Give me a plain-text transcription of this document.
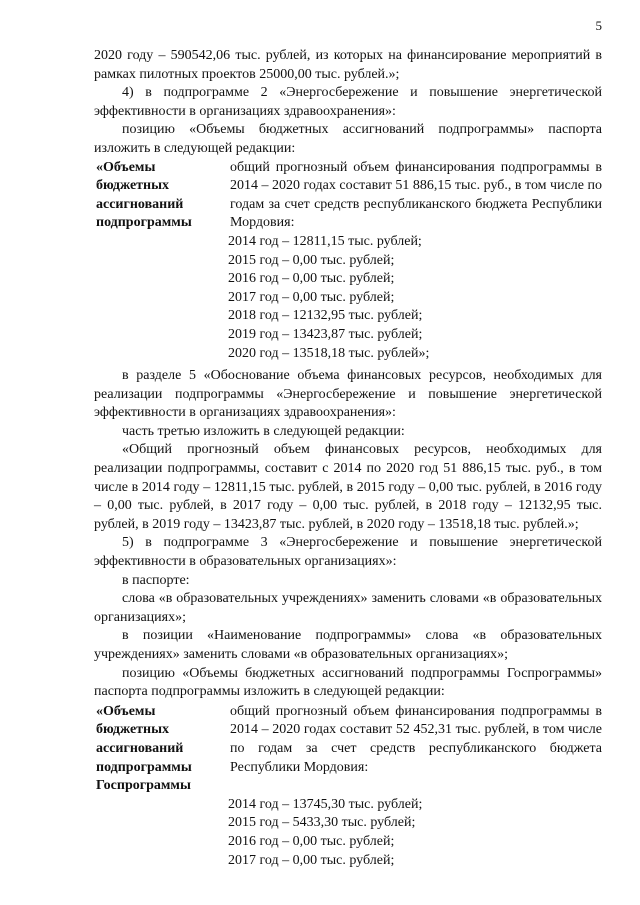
5

2020 году – 590542,06 тыс. рублей, из которых на финансирование мероприятий в рамках пилотных проектов 25000,00 тыс. рублей.»;

4) в подпрограмме 2 «Энергосбережение и повышение энергетической эффективности в организациях здравоохранения»:

позицию «Объемы бюджетных ассигнований подпрограммы» паспорта изложить в следующей редакции:

«Объемы бюджетных ассигнований подпрограммы
общий прогнозный объем финансирования подпрограммы в 2014 – 2020 годах составит 51 886,15 тыс. руб., в том числе по годам за счет средств республиканского бюджета Республики Мордовия:

2014 год – 12811,15 тыс. рублей;

2015 год – 0,00 тыс. рублей;

2016 год – 0,00 тыс. рублей;

2017 год – 0,00 тыс. рублей;

2018 год – 12132,95 тыс. рублей;

2019 год – 13423,87 тыс. рублей;

2020 год – 13518,18 тыс. рублей»;

в разделе 5 «Обоснование объема финансовых ресурсов, необходимых для реализации подпрограммы «Энергосбережение и повышение энергетической эффективности в организациях здравоохранения»:

часть третью изложить в следующей редакции:

«Общий прогнозный объем финансовых ресурсов, необходимых для реализации подпрограммы, составит с 2014 по 2020 год 51 886,15 тыс. руб., в том числе в 2014 году – 12811,15 тыс. рублей, в 2015 году – 0,00 тыс. рублей, в 2016 году – 0,00 тыс. рублей, в 2017 году – 0,00 тыс. рублей, в 2018 году – 12132,95 тыс. рублей, в 2019 году – 13423,87 тыс. рублей, в 2020 году – 13518,18 тыс. рублей.»;

5) в подпрограмме 3 «Энергосбережение и повышение энергетической эффективности в образовательных организациях»:

в паспорте:

слова «в образовательных учреждениях» заменить словами «в образовательных организациях»;

в позиции «Наименование подпрограммы» слова «в образовательных учреждениях» заменить словами «в образовательных организациях»;

позицию «Объемы бюджетных ассигнований подпрограммы Госпрограммы» паспорта подпрограммы изложить в следующей редакции:

«Объемы бюджетных ассигнований подпрограммы Госпрограммы
общий прогнозный объем финансирования подпрограммы в 2014 – 2020 годах составит 52 452,31 тыс. рублей, в том числе по годам за счет средств республиканского бюджета Республики Мордовия:

2014 год – 13745,30 тыс. рублей;

2015 год – 5433,30 тыс. рублей;

2016 год – 0,00 тыс. рублей;

2017 год – 0,00 тыс. рублей;
